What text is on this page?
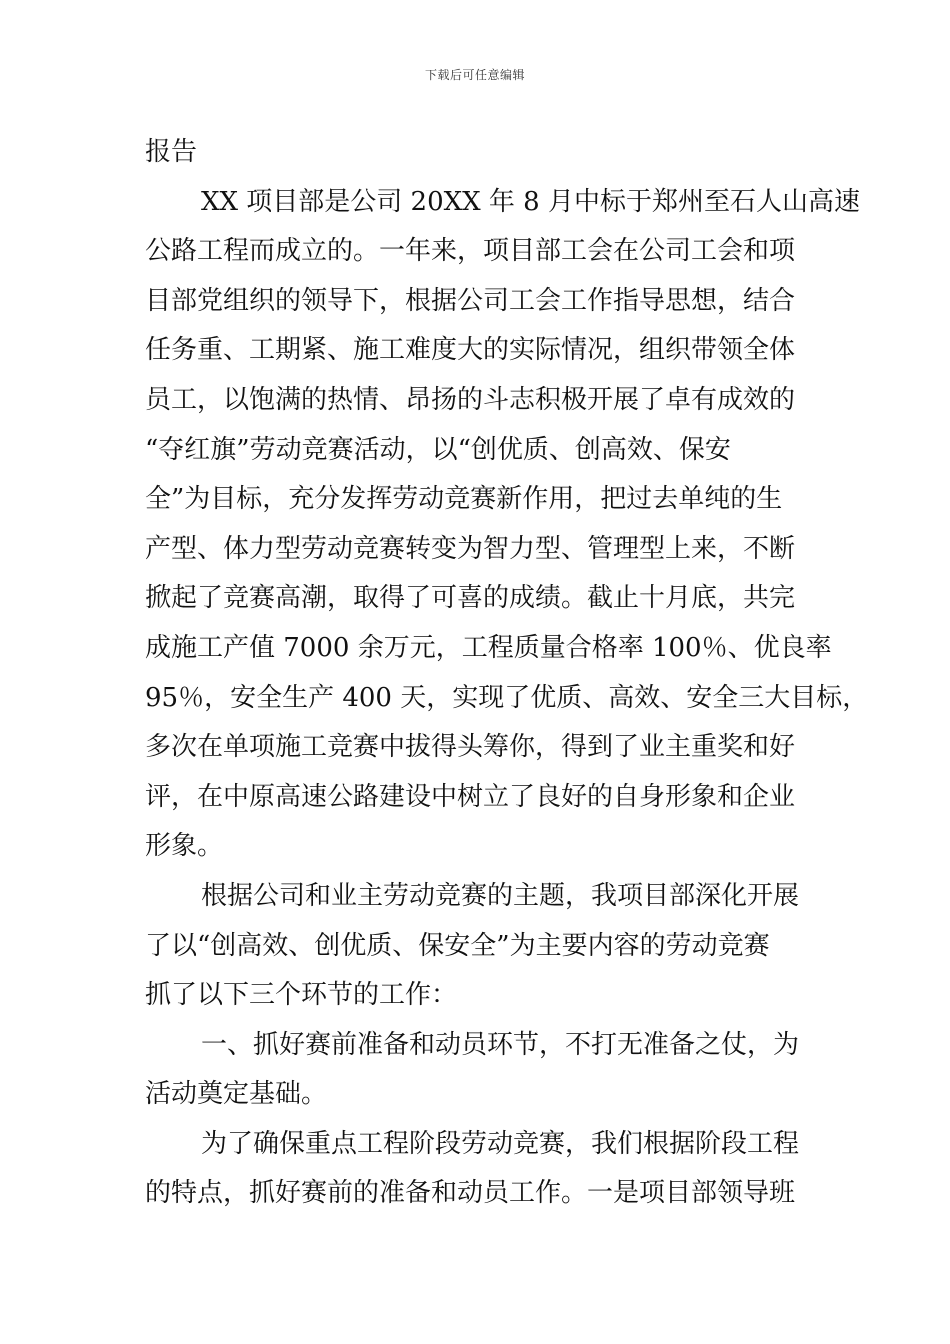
下载后可任意编辑
报告
XX 项目部是公司 20XX 年 8 月中标于郑州至石人山高速
公路工程而成立的。一年来，项目部工会在公司工会和项
目部党组织的领导下，根据公司工会工作指导思想，结合
任务重、工期紧、施工难度大的实际情况，组织带领全体
员工，以饱满的热情、昂扬的斗志积极开展了卓有成效的
“夺红旗”劳动竞赛活动，以“创优质、创高效、保安
全”为目标，充分发挥劳动竞赛新作用，把过去单纯的生
产型、体力型劳动竞赛转变为智力型、管理型上来，不断
掀起了竞赛高潮，取得了可喜的成绩。截止十月底，共完
成施工产值 7000 余万元，工程质量合格率 100％、优良率
95％，安全生产 400 天，实现了优质、高效、安全三大目标，
多次在单项施工竞赛中拔得头筹你，得到了业主重奖和好
评，在中原高速公路建设中树立了良好的自身形象和企业
形象。
根据公司和业主劳动竞赛的主题，我项目部深化开展
了以“创高效、创优质、保安全”为主要内容的劳动竞赛
抓了以下三个环节的工作：
一、抓好赛前准备和动员环节，不打无准备之仗，为
活动奠定基础。
为了确保重点工程阶段劳动竞赛，我们根据阶段工程
的特点，抓好赛前的准备和动员工作。一是项目部领导班
